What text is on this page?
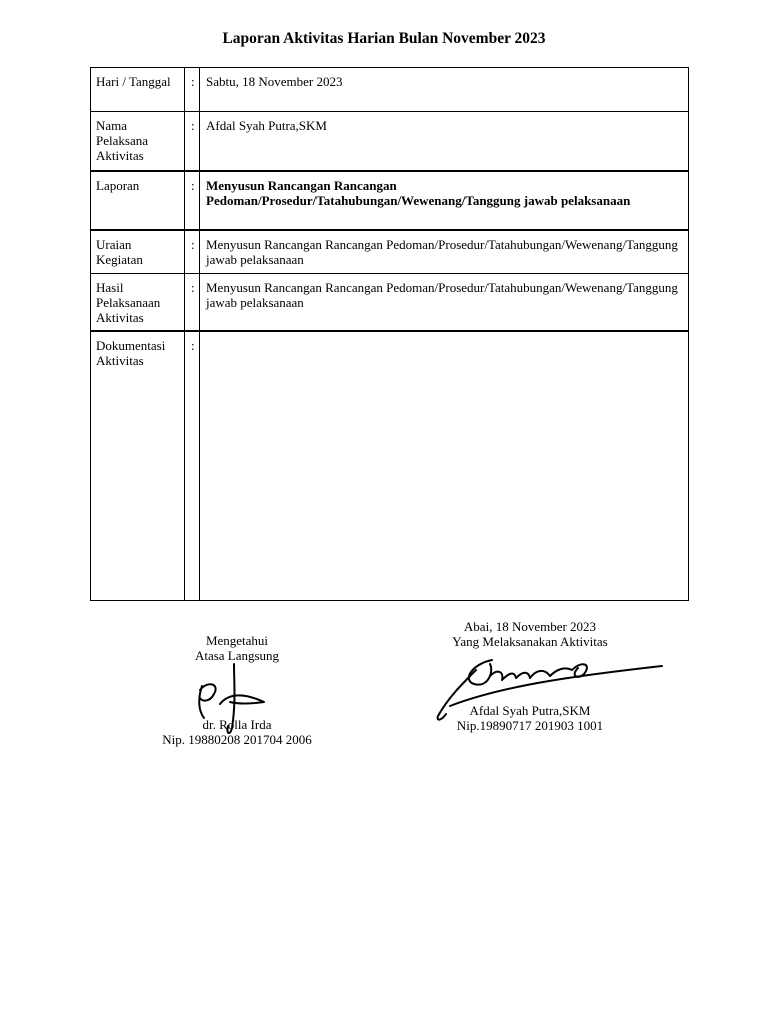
Laporan Aktivitas Harian Bulan November 2023
Hari / Tanggal	:	Sabtu, 18 November 2023
Nama Pelaksana Aktivitas	:	Afdal Syah Putra,SKM
Laporan	:	Menyusun Rancangan Rancangan Pedoman/Prosedur/Tatahubungan/Wewenang/Tanggung jawab pelaksanaan
Uraian Kegiatan	:	Menyusun Rancangan Rancangan Pedoman/Prosedur/Tatahubungan/Wewenang/Tanggung jawab pelaksanaan
Hasil Pelaksanaan Aktivitas	:	Menyusun Rancangan Rancangan Pedoman/Prosedur/Tatahubungan/Wewenang/Tanggung jawab pelaksanaan
Dokumentasi Aktivitas	:	
Mengetahui
Atasa Langsung
dr. Rolla Irda
Nip. 19880208 201704 2006
Abai, 18 November 2023
Yang Melaksanakan Aktivitas
Afdal Syah Putra,SKM
Nip.19890717 201903 1001
